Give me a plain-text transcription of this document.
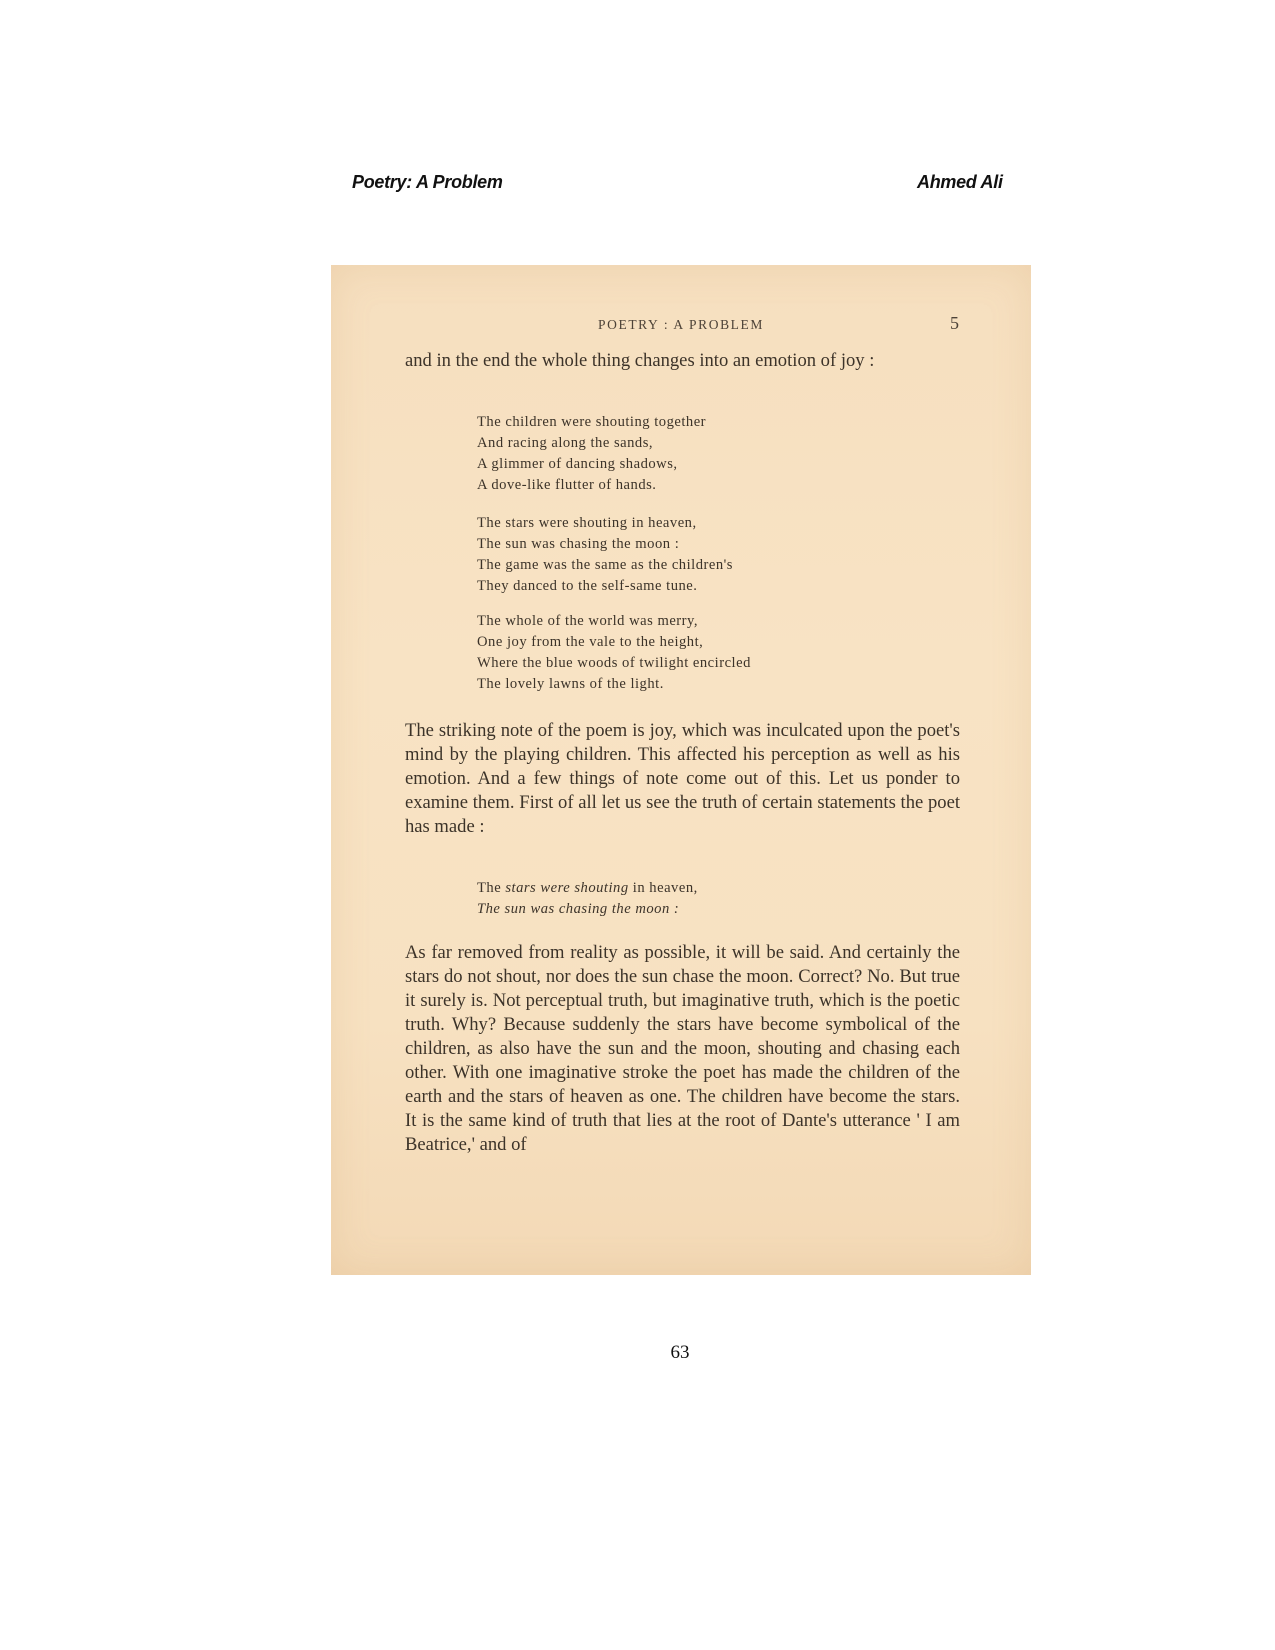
Poetry: A Problem	Ahmed Ali
POETRY : A PROBLEM	5

and in the end the whole thing changes into an emotion of joy :

The children were shouting together
And racing along the sands,
A glimmer of dancing shadows,
A dove-like flutter of hands.
The stars were shouting in heaven,
The sun was chasing the moon :
The game was the same as the children's
They danced to the self-same tune.
The whole of the world was merry,
One joy from the vale to the height,
Where the blue woods of twilight encircled
The lovely lawns of the light.

The striking note of the poem is joy, which was inculcated upon the poet's mind by the playing children. This affected his perception as well as his emotion. And a few things of note come out of this. Let us ponder to examine them. First of all let us see the truth of certain statements the poet has made :

The stars were shouting in heaven,
The sun was chasing the moon :

As far removed from reality as possible, it will be said. And certainly the stars do not shout, nor does the sun chase the moon. Correct? No. But true it surely is. Not perceptual truth, but imaginative truth, which is the poetic truth. Why? Because suddenly the stars have become symbolical of the children, as also have the sun and the moon, shouting and chasing each other. With one imaginative stroke the poet has made the children of the earth and the stars of heaven as one. The children have become the stars. It is the same kind of truth that lies at the root of Dante's utterance ' I am Beatrice,' and of

63
